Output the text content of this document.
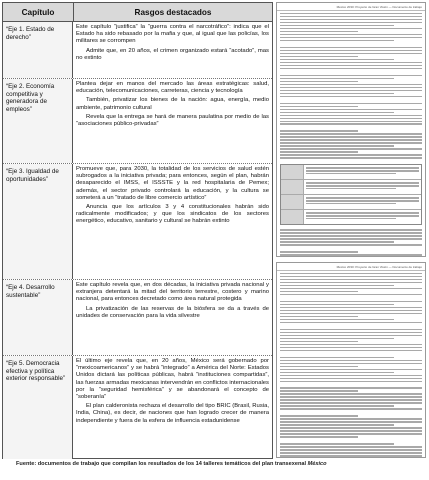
Capítulo	Rasgos destacados
“Eje 1. Estado de derecho”

Este capítulo “justifica” la “guerra contra el narcotráfico”: indica que el Estado ha sido rebasado por la mafia y que, al igual que las policías, los militares se corrompen

Admite que, en 20 años, el crimen organizado estará “acotado”, mas no extinto

“Eje 2. Economía competitiva y generadora de empleos”

Plantea dejar en manos del mercado las áreas estratégicas: salud, educación, telecomunicaciones, carreteras, ciencia y tecnología

También, privatizar los bienes de la nación: agua, energía, medio ambiente, patrimonio cultural

Revela que la entrega se hará de manera paulatina por medio de las “asociaciones público-privadas”

“Eje 3. Igualdad de oportunidades”

Promueve que, para 2030, la totalidad de los servicios de salud estén subrogados a la iniciativa privada; para entonces, según el plan, habrán desaparecido el IMSS, el ISSSTE y la red hospitalaria de Pemex; además, el sector privado controlará la educación, y la cultura se someterá a un “tratado de libre comercio artístico”

Anuncia que los artículos 3 y 4 constitucionales habrán sido radicalmente modificados; y que los sindicatos de los sectores energético, educativo, sanitario y cultural se habrán extinto

“Eje 4. Desarrollo sustentable”

Este capítulo revela que, en dos décadas, la iniciativa privada nacional y extranjera detentará la mitad del territorio terrestre, costero y marino nacional, para entonces decretado como área natural protegida

La privatización de las reservas de la biósfera se da a través de unidades de conservación para la vida silvestre

“Eje 5. Democracia efectiva y política exterior responsable”

El último eje revela que, en 20 años, México será gobernado por “mexicoamericanos” y se habrá “integrado” a América del Norte: Estados Unidos dictará las políticas públicas, habrá “instituciones compartidas”, las fuerzas armadas mexicanas intervendrán en conflictos internacionales por la “seguridad hemisférica” y se abandonará el concepto de “soberanía”

El plan calderonista rechaza el desarrollo del tipo BRIC (Brasil, Rusia, India, China), es decir, de naciones que han logrado crecer de manera independiente y fuera de la esfera de influencia estadunidense

Fuente: documentos de trabajo que compilan los resultados de los 14 talleres temáticos del plan transexenal México
México 2030: Proyecto de Gran Visión — Documento de trabajo
México 2030: Proyecto de Gran Visión — Documento de trabajo
